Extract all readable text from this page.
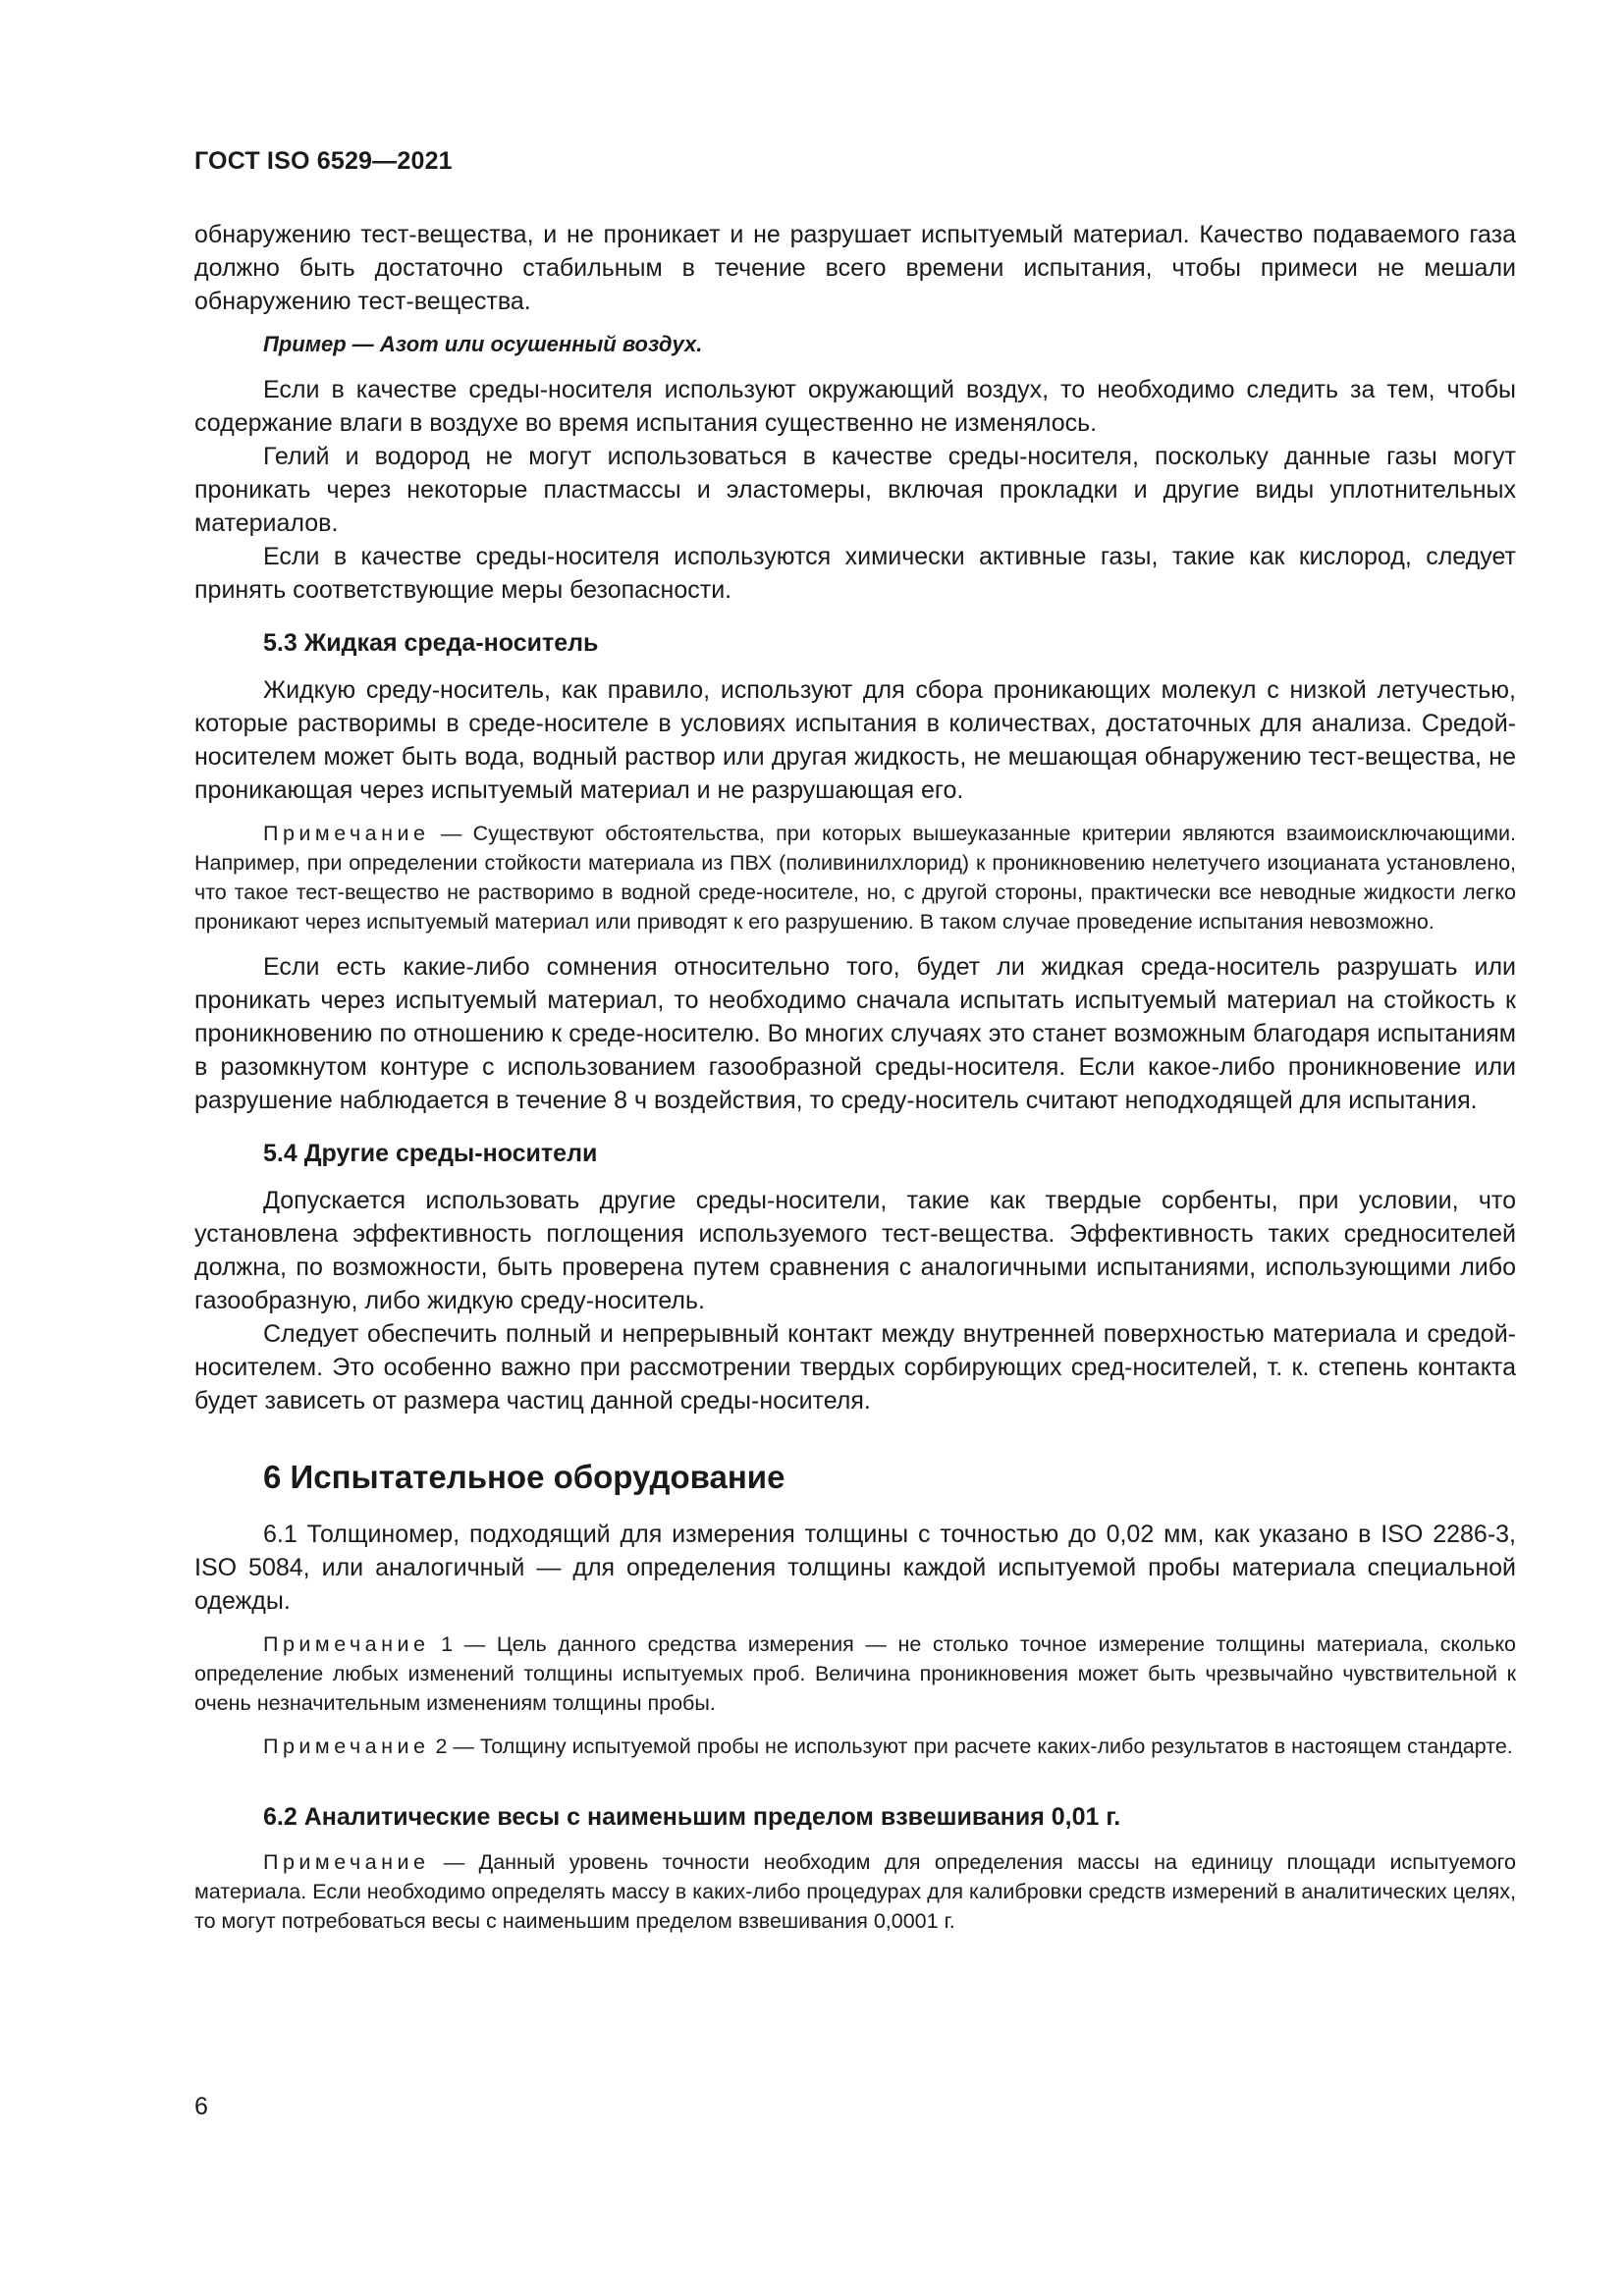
ГОСТ ISO 6529—2021

обнаружению тест-вещества, и не проникает и не разрушает испытуемый материал. Качество подаваемого газа должно быть достаточно стабильным в течение всего времени испытания, чтобы примеси не мешали обнаружению тест-вещества.

Пример — Азот или осушенный воздух.

Если в качестве среды-носителя используют окружающий воздух, то необходимо следить за тем, чтобы содержание влаги в воздухе во время испытания существенно не изменялось.

Гелий и водород не могут использоваться в качестве среды-носителя, поскольку данные газы могут проникать через некоторые пластмассы и эластомеры, включая прокладки и другие виды уплотнительных материалов.

Если в качестве среды-носителя используются химически активные газы, такие как кислород, следует принять соответствующие меры безопасности.

5.3 Жидкая среда-носитель

Жидкую среду-носитель, как правило, используют для сбора проникающих молекул с низкой летучестью, которые растворимы в среде-носителе в условиях испытания в количествах, достаточных для анализа. Средой-носителем может быть вода, водный раствор или другая жидкость, не мешающая обнаружению тест-вещества, не проникающая через испытуемый материал и не разрушающая его.

Примечание — Существуют обстоятельства, при которых вышеуказанные критерии являются взаимоисключающими. Например, при определении стойкости материала из ПВХ (поливинилхлорид) к проникновению нелетучего изоцианата установлено, что такое тест-вещество не растворимо в водной среде-носителе, но, с другой стороны, практически все неводные жидкости легко проникают через испытуемый материал или приводят к его разрушению. В таком случае проведение испытания невозможно.

Если есть какие-либо сомнения относительно того, будет ли жидкая среда-носитель разрушать или проникать через испытуемый материал, то необходимо сначала испытать испытуемый материал на стойкость к проникновению по отношению к среде-носителю. Во многих случаях это станет возможным благодаря испытаниям в разомкнутом контуре с использованием газообразной среды-носителя. Если какое-либо проникновение или разрушение наблюдается в течение 8 ч воздействия, то среду-носитель считают неподходящей для испытания.

5.4 Другие среды-носители

Допускается использовать другие среды-носители, такие как твердые сорбенты, при условии, что установлена эффективность поглощения используемого тест-вещества. Эффективность таких средносителей должна, по возможности, быть проверена путем сравнения с аналогичными испытаниями, использующими либо газообразную, либо жидкую среду-носитель.

Следует обеспечить полный и непрерывный контакт между внутренней поверхностью материала и средой-носителем. Это особенно важно при рассмотрении твердых сорбирующих сред-носителей, т. к. степень контакта будет зависеть от размера частиц данной среды-носителя.

6 Испытательное оборудование

6.1 Толщиномер, подходящий для измерения толщины с точностью до 0,02 мм, как указано в ISO 2286-3, ISO 5084, или аналогичный — для определения толщины каждой испытуемой пробы материала специальной одежды.

Примечание 1 — Цель данного средства измерения — не столько точное измерение толщины материала, сколько определение любых изменений толщины испытуемых проб. Величина проникновения может быть чрезвычайно чувствительной к очень незначительным изменениям толщины пробы.

Примечание 2 — Толщину испытуемой пробы не используют при расчете каких-либо результатов в настоящем стандарте.

6.2 Аналитические весы с наименьшим пределом взвешивания 0,01 г.

Примечание — Данный уровень точности необходим для определения массы на единицу площади испытуемого материала. Если необходимо определять массу в каких-либо процедурах для калибровки средств измерений в аналитических целях, то могут потребоваться весы с наименьшим пределом взвешивания 0,0001 г.

6
